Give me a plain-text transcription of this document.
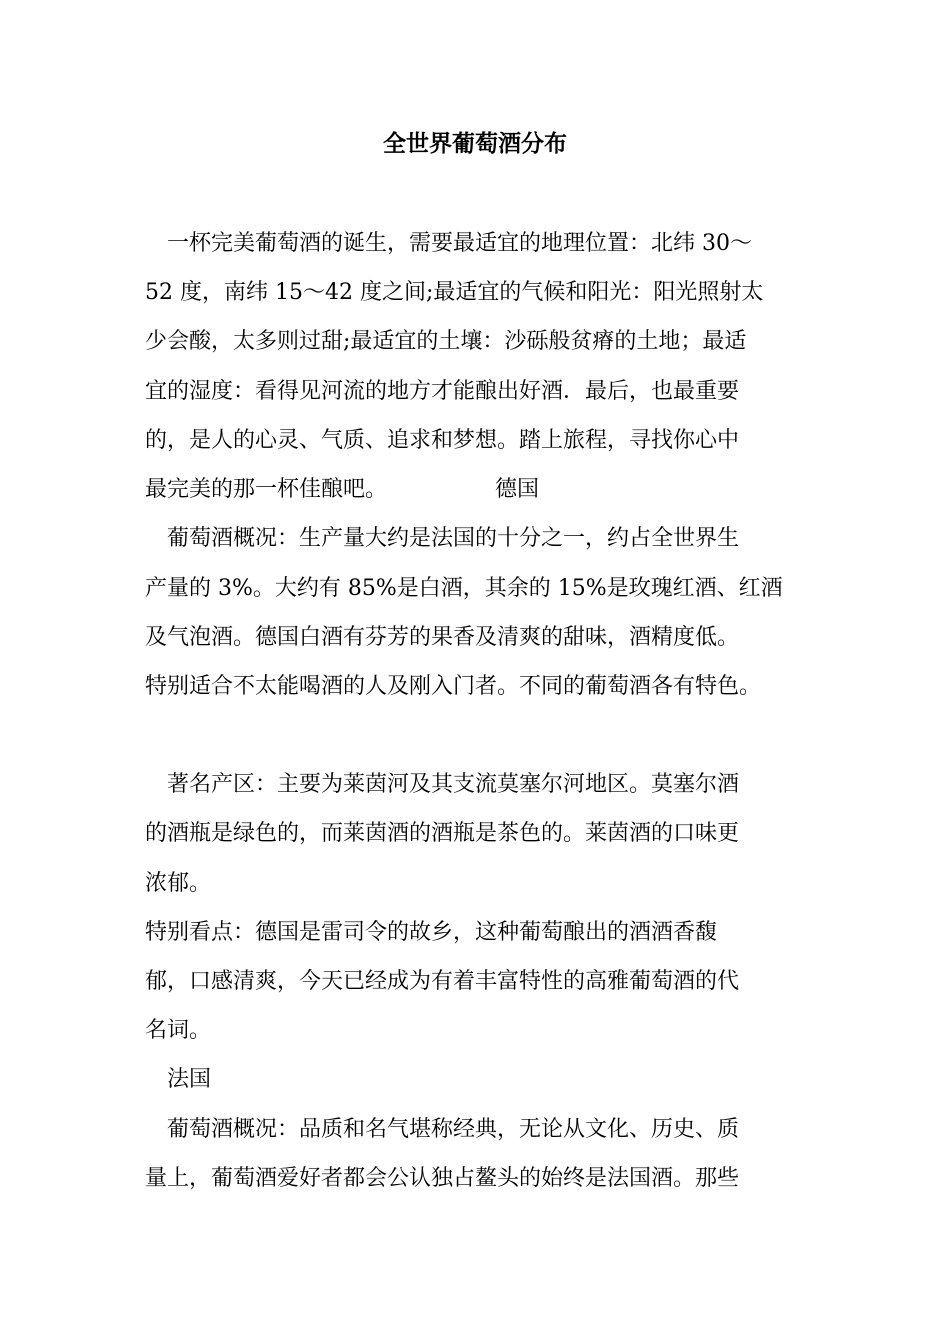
全世界葡萄酒分布

　一杯完美葡萄酒的诞生，需要最适宜的地理位置：北纬 30～

52 度，南纬 15～42 度之间;最适宜的气候和阳光：阳光照射太

少会酸，太多则过甜;最适宜的土壤：沙砾般贫瘠的土地；最适

宜的湿度：看得见河流的地方才能酿出好酒．最后，也最重要

的，是人的心灵、气质、追求和梦想。踏上旅程，寻找你心中

最完美的那一杯佳酿吧。	德国

　葡萄酒概况：生产量大约是法国的十分之一，约占全世界生

产量的 3%。大约有 85%是白酒，其余的 15%是玫瑰红酒、红酒

及气泡酒。德国白酒有芬芳的果香及清爽的甜味，酒精度低。

特别适合不太能喝酒的人及刚入门者。不同的葡萄酒各有特色。

　著名产区：主要为莱茵河及其支流莫塞尔河地区。莫塞尔酒

的酒瓶是绿色的，而莱茵酒的酒瓶是茶色的。莱茵酒的口味更

浓郁。

特别看点：德国是雷司令的故乡，这种葡萄酿出的酒酒香馥

郁，口感清爽，今天已经成为有着丰富特性的高雅葡萄酒的代

名词。

　法国

　葡萄酒概况：品质和名气堪称经典，无论从文化、历史、质

量上，葡萄酒爱好者都会公认独占鳌头的始终是法国酒。那些
